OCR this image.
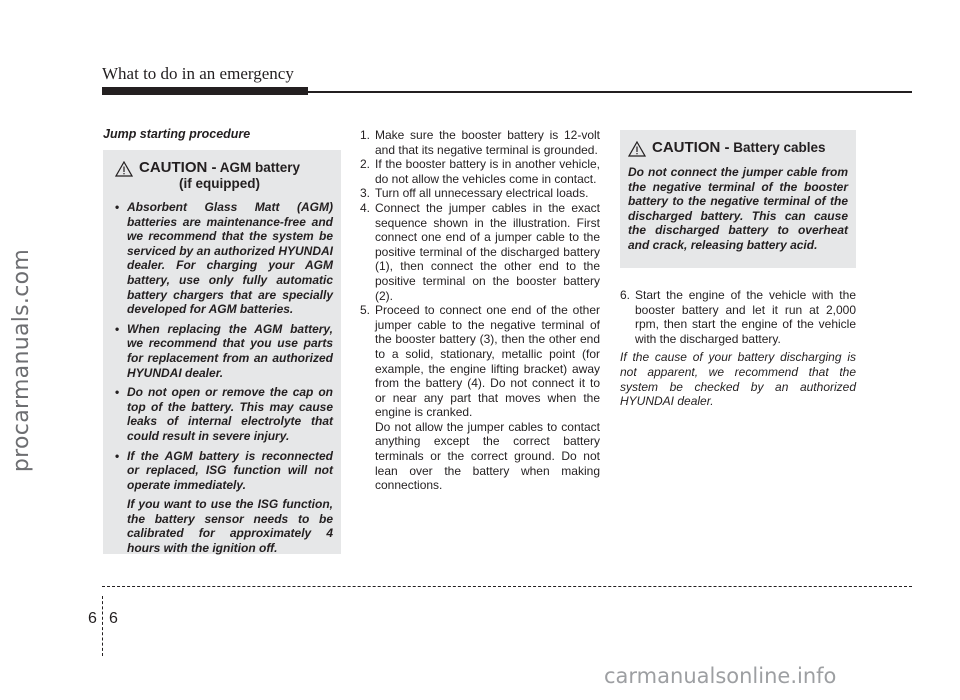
procarmanuals.com
What to do in an emergency
Jump starting procedure
CAUTION - AGM battery
(if equipped)
• Absorbent Glass Matt (AGM) batteries are maintenance-free and we recommend that the system be serviced by an authorized HYUNDAI dealer. For charging your AGM battery, use only fully automatic battery chargers that are specially developed for AGM batteries.
• When replacing the AGM battery, we recommend that you use parts for replacement from an authorized HYUNDAI dealer.
• Do not open or remove the cap on top of the battery. This may cause leaks of internal electrolyte that could result in severe injury.
• If the AGM battery is reconnected or replaced, ISG function will not operate immediately.
If you want to use the ISG function, the battery sensor needs to be calibrated for approximately 4 hours with the ignition off.
1. Make sure the booster battery is 12-volt and that its negative terminal is grounded.
2. If the booster battery is in another vehicle, do not allow the vehicles come in contact.
3. Turn off all unnecessary electrical loads.
4. Connect the jumper cables in the exact sequence shown in the illustration. First connect one end of a jumper cable to the positive terminal of the discharged battery (1), then connect the other end to the positive terminal on the booster battery (2).
5. Proceed to connect one end of the other jumper cable to the negative terminal of the booster battery (3), then the other end to a solid, stationary, metallic point (for example, the engine lifting bracket) away from the battery (4). Do not connect it to or near any part that moves when the engine is cranked.
Do not allow the jumper cables to contact anything except the correct battery terminals or the correct ground. Do not lean over the battery when making connections.
CAUTION - Battery cables
Do not connect the jumper cable from the negative terminal of the booster battery to the negative terminal of the discharged battery. This can cause the discharged battery to overheat and crack, releasing battery acid.
6. Start the engine of the vehicle with the booster battery and let it run at 2,000 rpm, then start the engine of the vehicle with the discharged battery.
If the cause of your battery discharging is not apparent, we recommend that the system be checked by an authorized HYUNDAI dealer.
6 6
carmanualsonline.info
